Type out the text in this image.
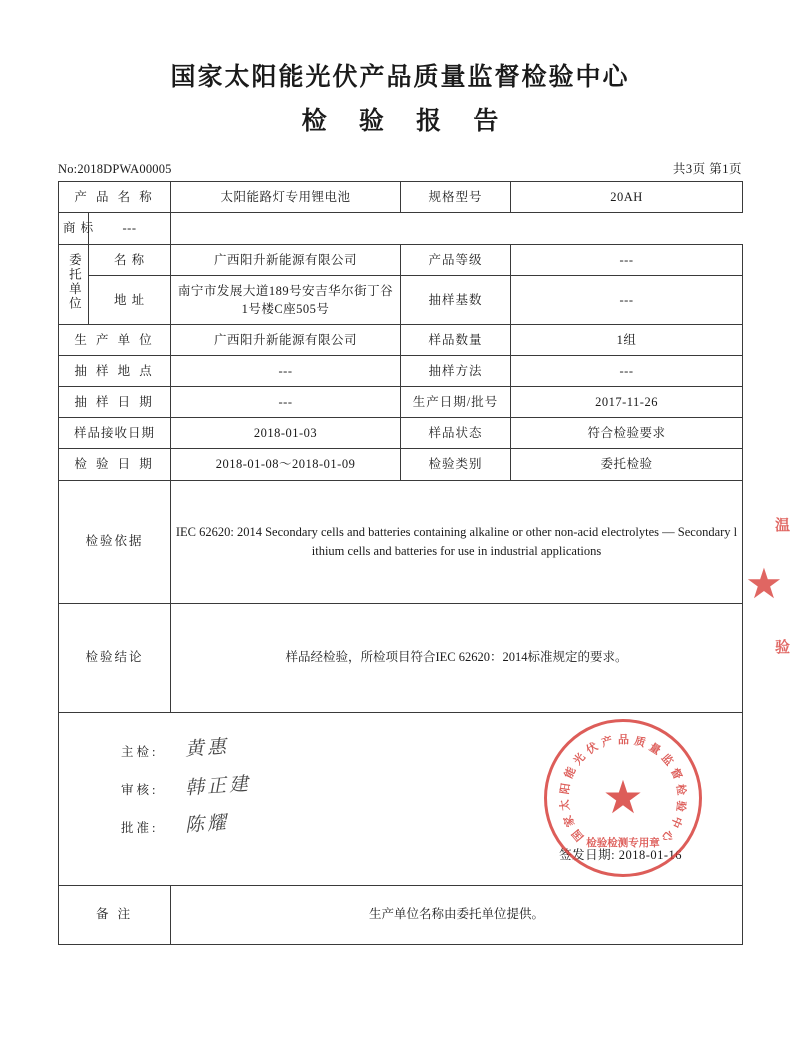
国家太阳能光伏产品质量监督检验中心
检 验 报 告
No:2018DPWA00005	共3页 第1页
产 品 名 称		太阳能路灯专用锂电池	规格型号	20AH
商 标	---			
委托单位	名 称	广西阳升新能源有限公司	产品等级	---
	地 址	南宁市发展大道189号安吉华尔街丁谷1号楼C座505号	抽样基数	---
生 产 单 位		广西阳升新能源有限公司	样品数量	1组
抽 样 地 点		---	抽样方法	---
抽 样 日 期		---	生产日期/批号	2017-11-26
样品接收日期		2018-01-03	样品状态	符合检验要求
检 验 日 期		2018-01-08～2018-01-09	检验类别	委托检验
检验依据		IEC 62620: 2014 Secondary cells and batteries containing alkaline or other non-acid electrolytes — Secondary lithium cells and batteries for use in industrial applications		
检验结论		样品经检验，所检项目符合IEC 62620：2014标准规定的要求。		

主检: 黄惠
审核: 韩正建
批准: 陈耀
签发日期: 2018-01-16
国
家
太
阳
能
光
伏 产 品 质 量
监
督
检
验
中
心
★
检验检测专用章

备 注		生产单位名称由委托单位提供。		
温
★
验
